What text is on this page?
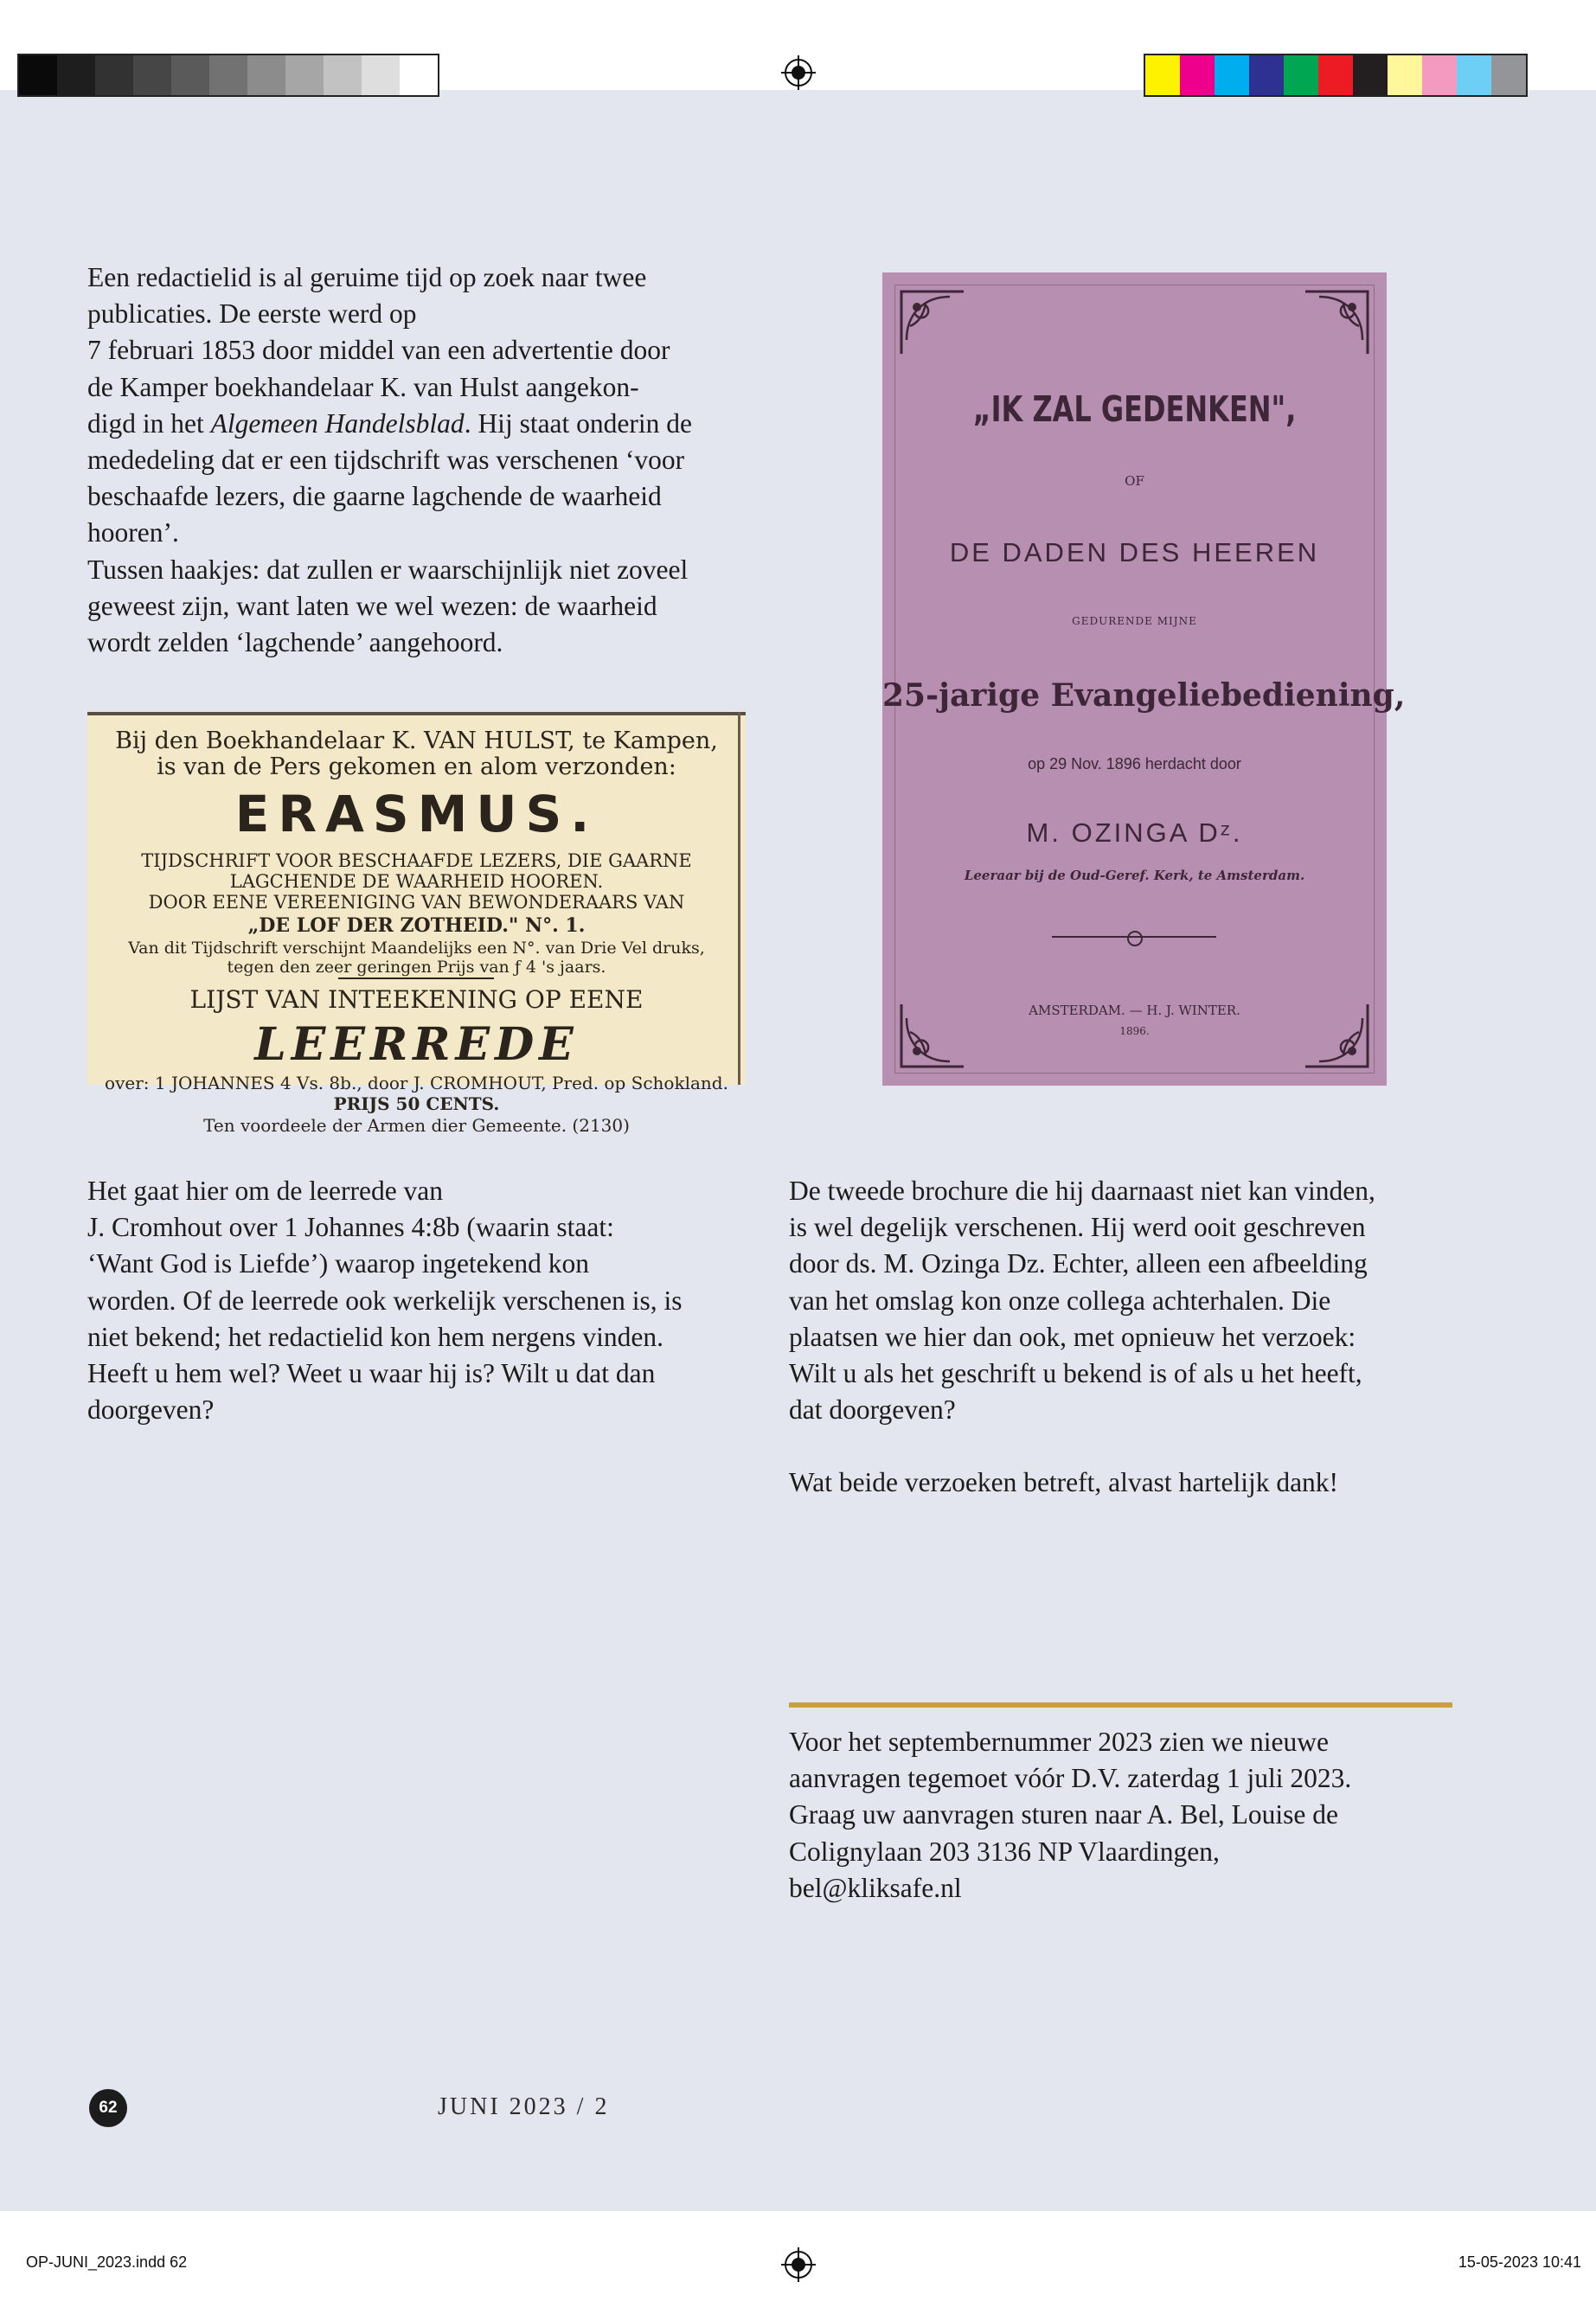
Een redactielid is al geruime tijd op zoek naar twee

publicaties. De eerste werd op

7 februari 1853 door middel van een advertentie door

de Kamper boekhandelaar K. van Hulst aangekon-

digd in het Algemeen Handelsblad. Hij staat onderin de

mededeling dat er een tijdschrift was verschenen ‘voor

beschaafde lezers, die gaarne lagchende de waarheid

hooren’.

Tussen haakjes: dat zullen er waarschijnlijk niet zoveel

geweest zijn, want laten we wel wezen: de waarheid

wordt zelden ‘lagchende’ aangehoord.

Bij den Boekhandelaar K. VAN HULST, te Kampen,
is van de Pers gekomen en alom verzonden:
ERASMUS.
TIJDSCHRIFT VOOR BESCHAAFDE LEZERS, DIE GAARNE
LAGCHENDE DE WAARHEID HOOREN.
DOOR EENE VEREENIGING VAN BEWONDERAARS VAN
„DE LOF DER ZOTHEID." N°. 1.
Van dit Tijdschrift verschijnt Maandelijks een N°. van Drie Vel druks,
tegen den zeer geringen Prijs van ƒ 4 's jaars.
LIJST VAN INTEEKENING OP EENE
LEERREDE
over: 1 JOHANNES 4 Vs. 8b., door J. CROMHOUT, Pred. op Schokland.
PRIJS 50 CENTS.
Ten voordeele der Armen dier Gemeente. (2130)
„IK ZAL GEDENKEN",
OF
DE DADEN DES HEEREN
GEDURENDE MIJNE
25-jarige Evangeliebediening,
op 29 Nov. 1896 herdacht door
M. OZINGA Dᶻ.
Leeraar bij de Oud-Geref. Kerk, te Amsterdam.
AMSTERDAM. — H. J. WINTER.
1896.

Het gaat hier om de leerrede van

J. Cromhout over 1 Johannes 4:8b (waarin staat:

‘Want God is Liefde’) waarop ingetekend kon

worden. Of de leerrede ook werkelijk verschenen is, is

niet bekend; het redactielid kon hem nergens vinden.

Heeft u hem wel? Weet u waar hij is? Wilt u dat dan

doorgeven?

De tweede brochure die hij daarnaast niet kan vinden,

is wel degelijk verschenen. Hij werd ooit geschreven

door ds. M. Ozinga Dz. Echter, alleen een afbeelding

van het omslag kon onze collega achterhalen. Die

plaatsen we hier dan ook, met opnieuw het verzoek:

Wilt u als het geschrift u bekend is of als u het heeft,

dat doorgeven?

Wat beide verzoeken betreft, alvast hartelijk dank!

Voor het septembernummer 2023 zien we nieuwe

aanvragen tegemoet vóór D.V. zaterdag 1 juli 2023.

Graag uw aanvragen sturen naar A. Bel, Louise de

Colignylaan 203 3136 NP Vlaardingen,

bel@kliksafe.nl

62	JUNI 2023 / 2
OP-JUNI_2023.indd 62	15-05-2023 10:41
